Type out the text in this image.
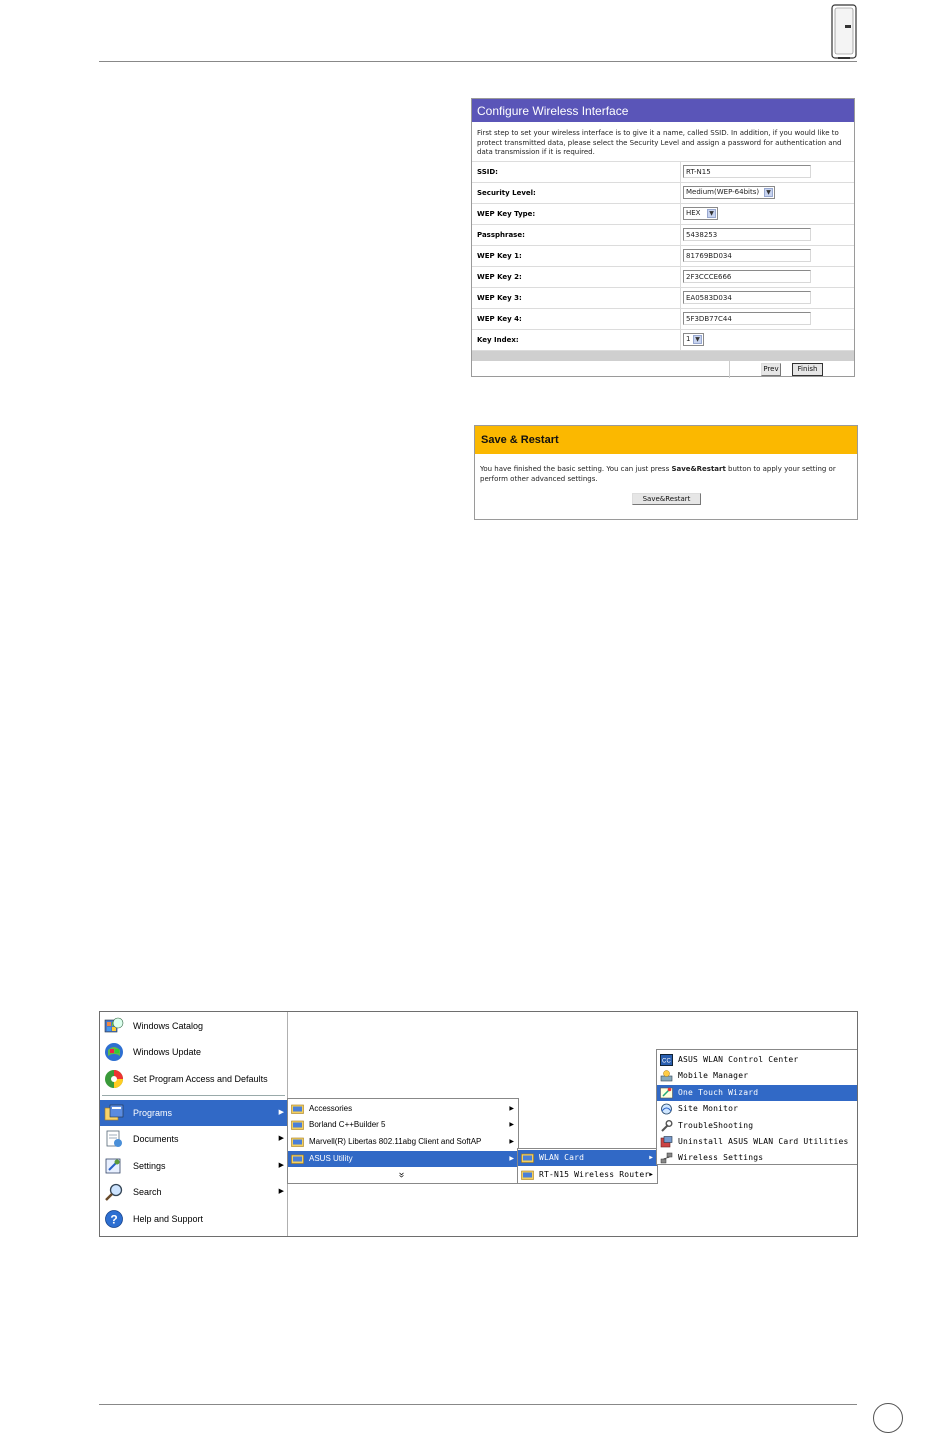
Configure Wireless Interface
First step to set your wireless interface is to give it a name, called SSID. In addition, if you would like to protect transmitted data, please select the Security Level and assign a password for authentication and data transmission if it is required.
SSID:	RT-N15
Security Level:	Medium(WEP-64bits)	▼
WEP Key Type:	HEX	▼
Passphrase:	5438253
WEP Key 1:	81769BD034
WEP Key 2:	2F3CCCE666
WEP Key 3:	EA0583D034
WEP Key 4:	5F3DB77C44
Key Index:	1 ▼
Prev	Finish
Save & Restart
You have finished the basic setting. You can just press Save&Restart button to apply your setting or perform other advanced settings.
Save&Restart
Windows Catalog
Windows Update
Set Program Access and Defaults
Programs	▶
Documents	▶
Settings	▶
Search	▶
? Help and Support
Accessories	▶
Borland C++Builder 5	▶
Marvell(R) Libertas 802.11abg Client and SoftAP	▶
ASUS Utility	▶
»
WLAN Card	▶
RT-N15 Wireless Router ▶
CC ASUS WLAN Control Center
Mobile Manager
One Touch Wizard
Site Monitor
TroubleShooting
Uninstall ASUS WLAN Card Utilities
Wireless Settings
